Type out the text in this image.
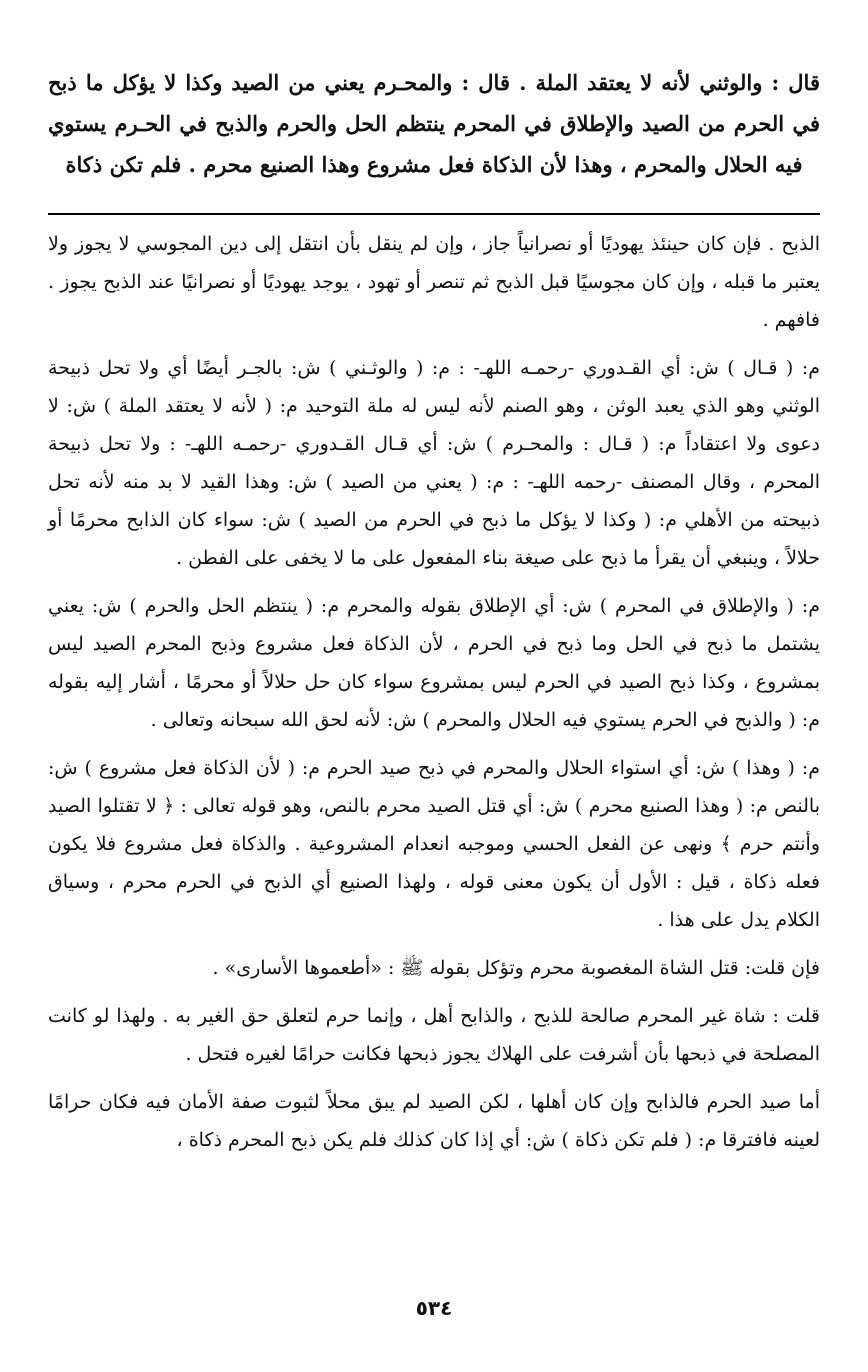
قال : والوثني لأنه لا يعتقد الملة . قال : والمحـرم يعني من الصيد وكذا لا يؤكل ما ذبح في الحرم من الصيد والإطلاق في المحرم ينتظم الحل والحرم والذبح في الحـرم يستوي فيه الحلال والمحرم ، وهذا لأن الذكاة فعل مشروع وهذا الصنيع محرم . فلم تكن ذكاة

الذبح . فإن كان حينئذ يهوديًا أو نصرانياً جاز ، وإن لم ينقل بأن انتقل إلى دين المجوسي لا يجوز ولا يعتبر ما قبله ، وإن كان مجوسيًا قبل الذبح ثم تنصر أو تهود ، يوجد يهوديًا أو نصرانيًا عند الذبح يجوز . فافهم .

م: ( قـال ) ش: أي القـدوري -رحمـه اللهـ- : م: ( والوثـني ) ش: بالجـر أيضًا أي ولا تحل ذبيحة الوثني وهو الذي يعبد الوثن ، وهو الصنم لأنه ليس له ملة التوحيد م: ( لأنه لا يعتقد الملة ) ش: لا دعوى ولا اعتقاداً م: ( قـال : والمحـرم ) ش: أي قـال القـدوري -رحمـه اللهـ- : ولا تحل ذبيحة المحرم ، وقال المصنف -رحمه اللهـ- : م: ( يعني من الصيد ) ش: وهذا القيد لا بد منه لأنه تحل ذبيحته من الأهلي م: ( وكذا لا يؤكل ما ذبح في الحرم من الصيد ) ش: سواء كان الذابح محرمًا أو حلالاً ، وينبغي أن يقرأ ما ذبح على صيغة بناء المفعول على ما لا يخفى على الفطن .

م: ( والإطلاق في المحرم ) ش: أي الإطلاق بقوله والمحرم م: ( ينتظم الحل والحرم ) ش: يعني يشتمل ما ذبح في الحل وما ذبح في الحرم ، لأن الذكاة فعل مشروع وذبح المحرم الصيد ليس بمشروع ، وكذا ذبح الصيد في الحرم ليس بمشروع سواء كان حل حلالاً أو محرمًا ، أشار إليه بقوله م: ( والذبح في الحرم يستوي فيه الحلال والمحرم ) ش: لأنه لحق الله سبحانه وتعالى .

م: ( وهذا ) ش: أي استواء الحلال والمحرم في ذبح صيد الحرم م: ( لأن الذكاة فعل مشروع ) ش: بالنص م: ( وهذا الصنيع محرم ) ش: أي قتل الصيد محرم بالنص، وهو قوله تعالى : ﴿ لا تقتلوا الصيد وأنتم حرم ﴾ ونهى عن الفعل الحسي وموجبه انعدام المشروعية . والذكاة فعل مشروع فلا يكون فعله ذكاة ، قيل : الأول أن يكون معنى قوله ، ولهذا الصنيع أي الذبح في الحرم محرم ، وسياق الكلام يدل على هذا .

فإن قلت: قتل الشاة المغصوبة محرم وتؤكل بقوله ﷺ : «أطعموها الأسارى» .

قلت : شاة غير المحرم صالحة للذبح ، والذابح أهل ، وإنما حرم لتعلق حق الغير به . ولهذا لو كانت المصلحة في ذبحها بأن أشرفت على الهلاك يجوز ذبحها فكانت حرامًا لغيره فتحل .

أما صيد الحرم فالذابح وإن كان أهلها ، لكن الصيد لم يبق محلاً لثبوت صفة الأمان فيه فكان حرامًا لعينه فافترقا م: ( فلم تكن ذكاة ) ش: أي إذا كان كذلك فلم يكن ذبح المحرم ذكاة ،

٥٣٤
